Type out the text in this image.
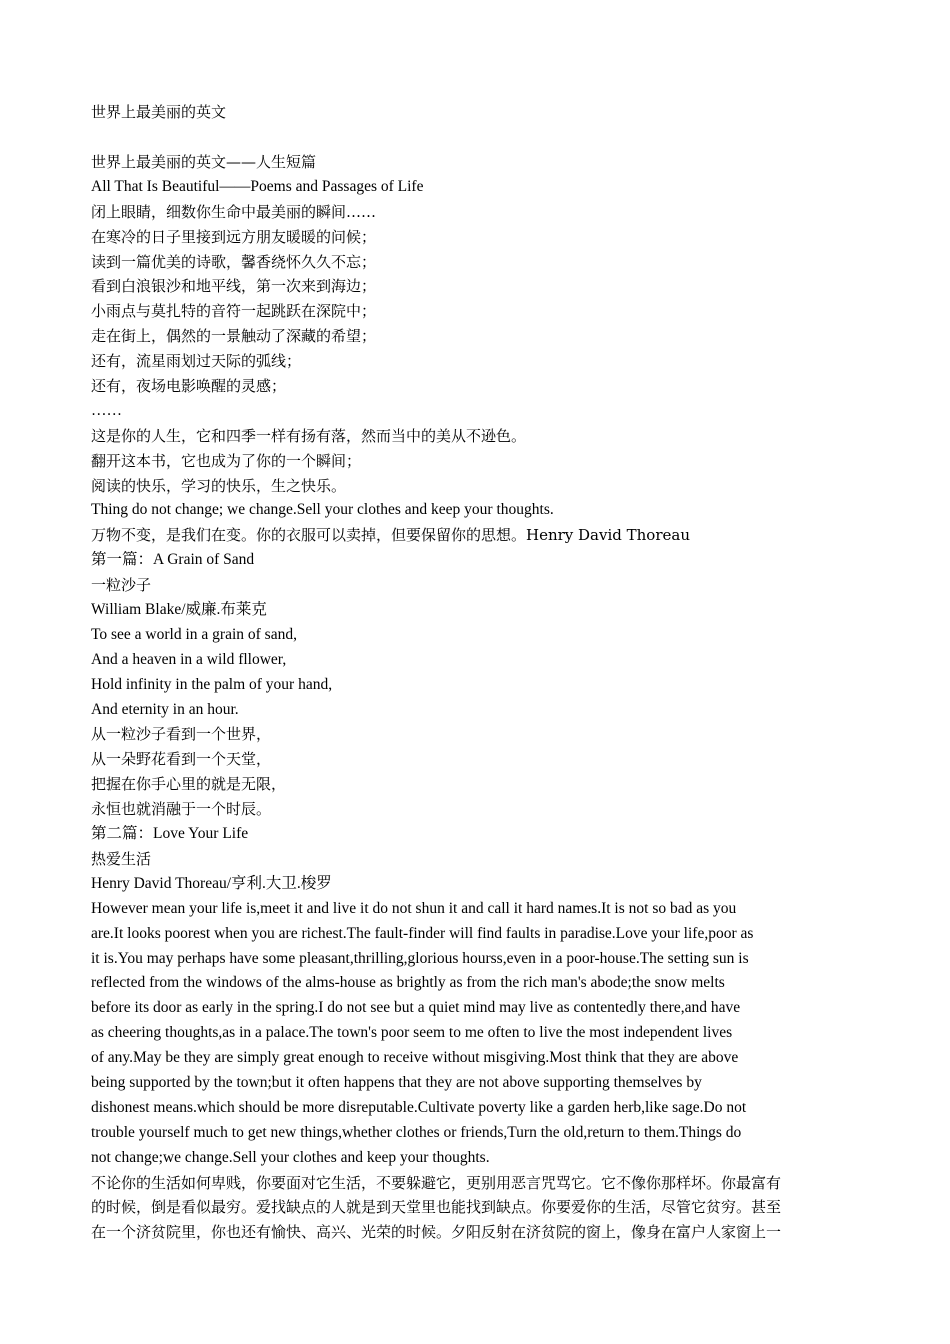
世界上最美丽的英文
世界上最美丽的英文——人生短篇
All That Is Beautiful——Poems and Passages of Life
闭上眼睛，细数你生命中最美丽的瞬间……
在寒冷的日子里接到远方朋友暖暖的问候；
读到一篇优美的诗歌，馨香绕怀久久不忘；
看到白浪银沙和地平线，第一次来到海边；
小雨点与莫扎特的音符一起跳跃在深院中；
走在街上，偶然的一景触动了深藏的希望；
还有，流星雨划过天际的弧线；
还有，夜场电影唤醒的灵感；
……
这是你的人生，它和四季一样有扬有落，然而当中的美从不逊色。
翻开这本书，它也成为了你的一个瞬间；
阅读的快乐，学习的快乐，生之快乐。
Thing do not change; we change.Sell your clothes and keep your thoughts.
万物不变，是我们在变。你的衣服可以卖掉，但要保留你的思想。Henry David Thoreau
第一篇：A Grain of Sand
一粒沙子
William Blake/威廉.布莱克
To see a world in a grain of sand,
And a heaven in a wild fllower,
Hold infinity in the palm of your hand,
And eternity in an hour.
从一粒沙子看到一个世界，
从一朵野花看到一个天堂，
把握在你手心里的就是无限，
永恒也就消融于一个时辰。
第二篇：Love Your Life
热爱生活
Henry David Thoreau/亨利.大卫.梭罗
However mean your life is,meet it and live it do not shun it and call it hard names.It is not so bad as you
are.It looks poorest when you are richest.The fault-finder will find faults in paradise.Love your life,poor as
it is.You may perhaps have some pleasant,thrilling,glorious hourss,even in a poor-house.The setting sun is
reflected from the windows of the alms-house as brightly as from the rich man's abode;the snow melts
before its door as early in the spring.I do not see but a quiet mind may live as contentedly there,and have
as cheering thoughts,as in a palace.The town's poor seem to me often to live the most independent lives
of any.May be they are simply great enough to receive without misgiving.Most think that they are above
being supported by the town;but it often happens that they are not above supporting themselves by
dishonest means.which should be more disreputable.Cultivate poverty like a garden herb,like sage.Do not
trouble yourself much to get new things,whether clothes or friends,Turn the old,return to them.Things do
not change;we change.Sell your clothes and keep your thoughts.
不论你的生活如何卑贱，你要面对它生活，不要躲避它，更别用恶言咒骂它。它不像你那样坏。你最富有
的时候，倒是看似最穷。爱找缺点的人就是到天堂里也能找到缺点。你要爱你的生活，尽管它贫穷。甚至
在一个济贫院里，你也还有愉快、高兴、光荣的时候。夕阳反射在济贫院的窗上，像身在富户人家窗上一
